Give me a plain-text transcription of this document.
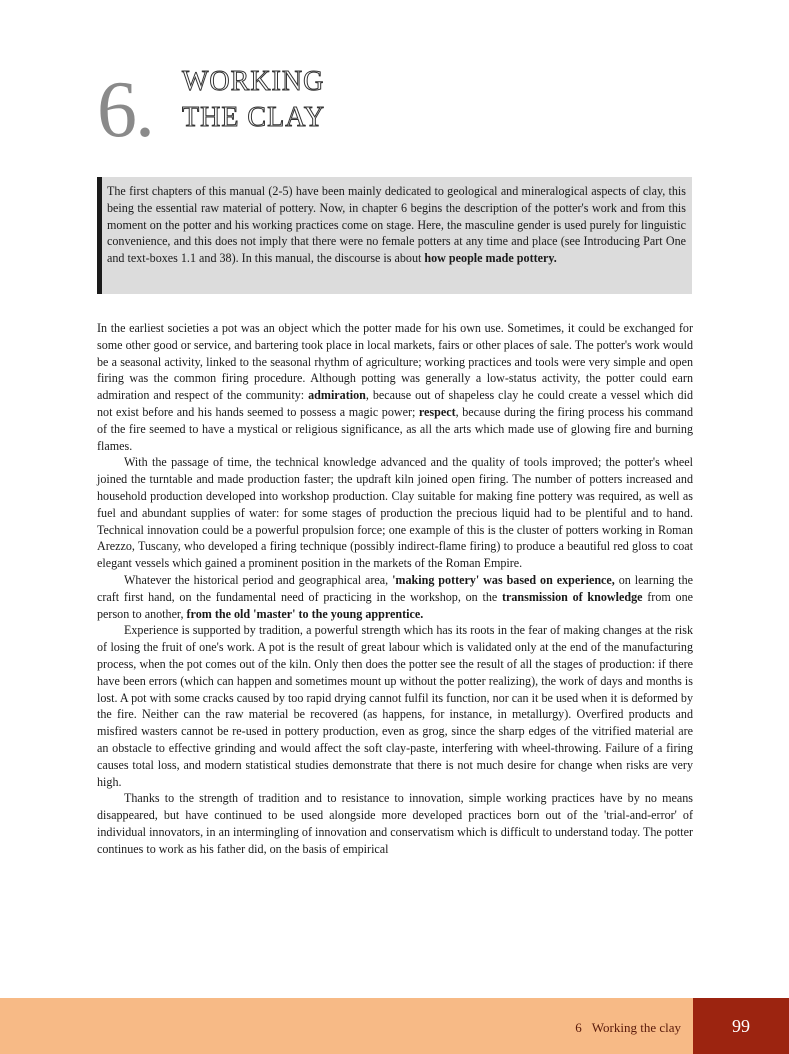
6. WORKING
THE CLAY
The first chapters of this manual (2-5) have been mainly dedicated to geological and mineralogical aspects of clay, this being the essential raw material of pottery. Now, in chapter 6 begins the description of the potter's work and from this moment on the potter and his working practices come on stage. Here, the masculine gender is used purely for linguistic convenience, and this does not imply that there were no female potters at any time and place (see Introducing Part One and text-boxes 1.1 and 38). In this manual, the discourse is about how people made pottery.

In the earliest societies a pot was an object which the potter made for his own use. Sometimes, it could be exchanged for some other good or service, and bartering took place in local markets, fairs or other places of sale. The potter's work would be a seasonal activity, linked to the seasonal rhythm of agriculture; working practices and tools were very simple and open firing was the common firing procedure. Although potting was generally a low-status activity, the potter could earn admiration and respect of the community: admiration, because out of shapeless clay he could create a vessel which did not exist before and his hands seemed to possess a magic power; respect, because during the firing process his command of the fire seemed to have a mystical or religious significance, as all the arts which made use of glowing fire and burning flames.

With the passage of time, the technical knowledge advanced and the quality of tools improved; the potter's wheel joined the turntable and made production faster; the updraft kiln joined open firing. The number of potters increased and household production developed into workshop production. Clay suitable for making fine pottery was required, as well as fuel and abundant supplies of water: for some stages of production the precious liquid had to be plentiful and to hand. Technical innovation could be a powerful propulsion force; one example of this is the cluster of potters working in Roman Arezzo, Tuscany, who developed a firing technique (possibly indirect-flame firing) to produce a beautiful red gloss to coat elegant vessels which gained a prominent position in the markets of the Roman Empire.

Whatever the historical period and geographical area, 'making pottery' was based on experience, on learning the craft first hand, on the fundamental need of practicing in the workshop, on the transmission of knowledge from one person to another, from the old 'master' to the young apprentice.

Experience is supported by tradition, a powerful strength which has its roots in the fear of making changes at the risk of losing the fruit of one's work. A pot is the result of great labour which is validated only at the end of the manufacturing process, when the pot comes out of the kiln. Only then does the potter see the result of all the stages of production: if there have been errors (which can happen and sometimes mount up without the potter realizing), the work of days and months is lost. A pot with some cracks caused by too rapid drying cannot fulfil its function, nor can it be used when it is deformed by the fire. Neither can the raw material be recovered (as happens, for instance, in metallurgy). Overfired products and misfired wasters cannot be re-used in pottery production, even as grog, since the sharp edges of the vitrified material are an obstacle to effective grinding and would affect the soft clay-paste, interfering with wheel-throwing. Failure of a firing causes total loss, and modern statistical studies demonstrate that there is not much desire for change when risks are very high.

Thanks to the strength of tradition and to resistance to innovation, simple working practices have by no means disappeared, but have continued to be used alongside more developed practices born out of the 'trial-and-error' of individual innovators, in an intermingling of innovation and conservatism which is difficult to understand today. The potter continues to work as his father did, on the basis of empirical

6 Working the clay	99
